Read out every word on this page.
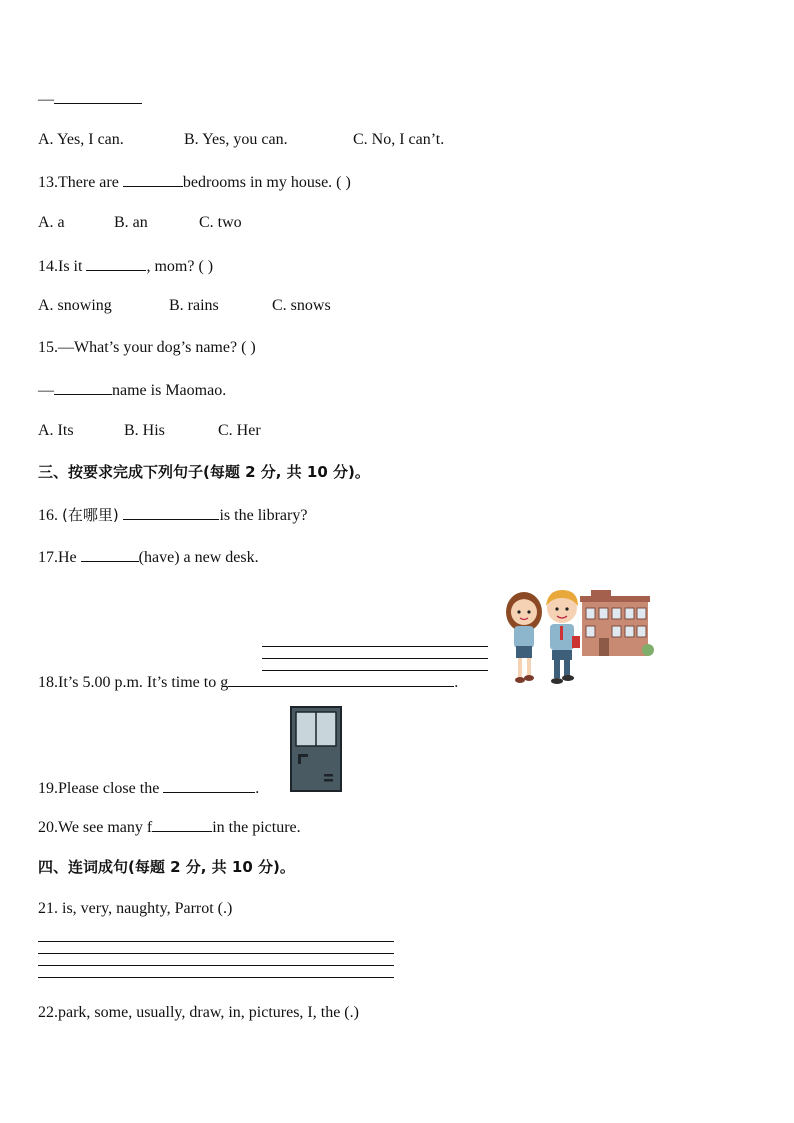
—
A. Yes, I can.	B. Yes, you can.	C. No, I can’t.
13.There are	bedrooms in my house. ( )
A. a	B. an	C. two
14.Is it	, mom? ( )
A. snowing	B. rains	C. snows
15.—What’s your dog’s name? ( )
—	name is Maomao.
A. Its	B. His	C. Her
三、按要求完成下列句子(每题 2 分, 共 10 分)。
16. (在哪里)	is the library?
17.He	(have) a new desk.
18.It’s 5.00 p.m. It’s time to g	.
19.Please close the	.
20.We see many f	in the picture.
四、连词成句(每题 2 分, 共 10 分)。
21. is, very, naughty, Parrot (.)
22.park, some, usually, draw, in, pictures, I, the (.)
